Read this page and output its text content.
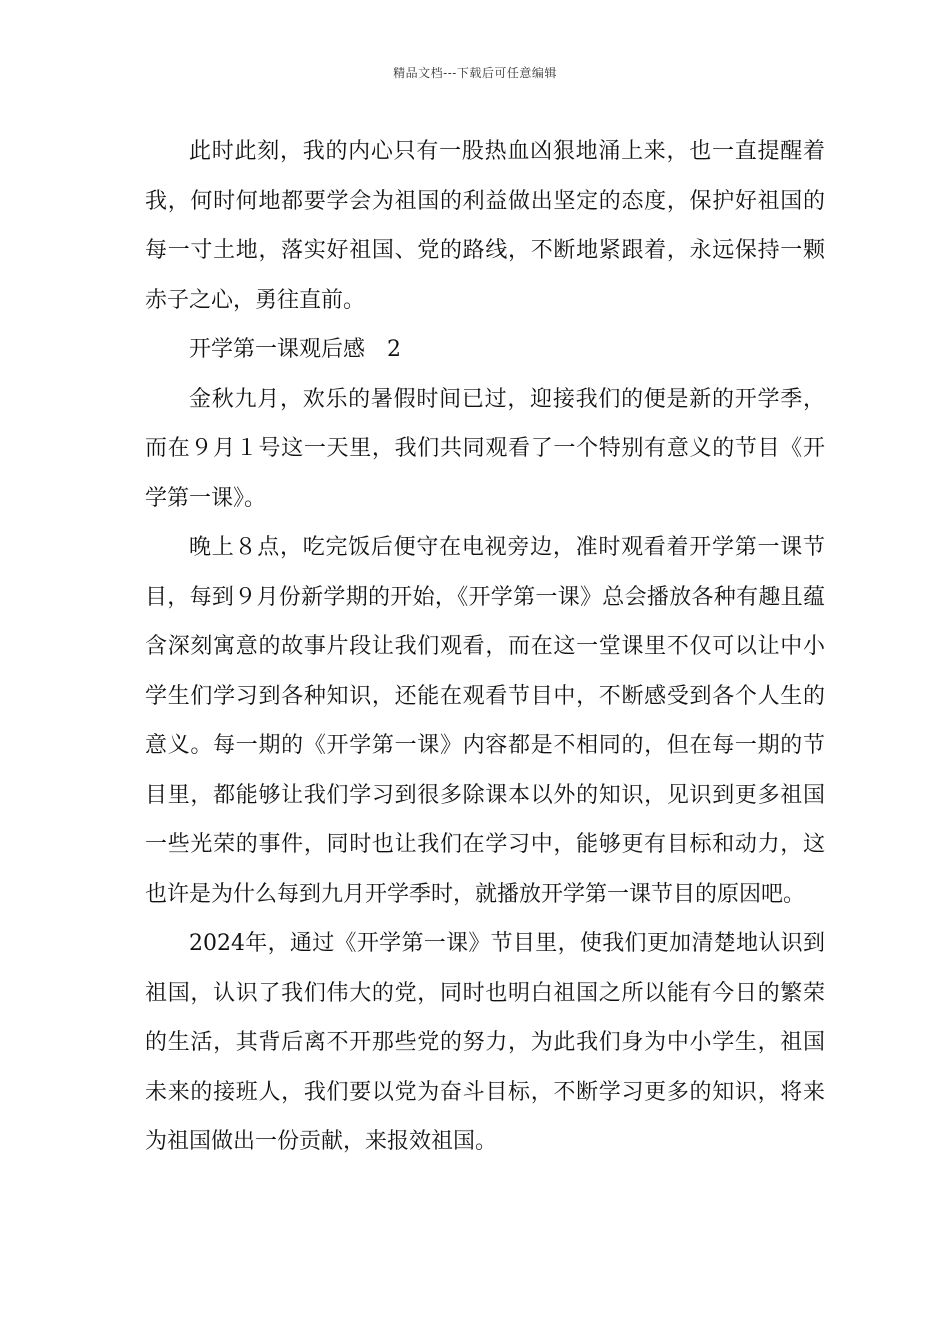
精品文档---下载后可任意编辑

此时此刻，我的内心只有一股热血凶狠地涌上来，也一直提醒着我，何时何地都要学会为祖国的利益做出坚定的态度，保护好祖国的每一寸土地，落实好祖国、党的路线，不断地紧跟着，永远保持一颗赤子之心，勇往直前。

开学第一课观后感　2

金秋九月，欢乐的暑假时间已过，迎接我们的便是新的开学季，而在９月１号这一天里，我们共同观看了一个特别有意义的节目《开学第一课》。

晚上８点，吃完饭后便守在电视旁边，准时观看着开学第一课节目，每到９月份新学期的开始，《开学第一课》总会播放各种有趣且蕴含深刻寓意的故事片段让我们观看，而在这一堂课里不仅可以让中小学生们学习到各种知识，还能在观看节目中，不断感受到各个人生的意义。每一期的《开学第一课》内容都是不相同的，但在每一期的节目里，都能够让我们学习到很多除课本以外的知识，见识到更多祖国一些光荣的事件，同时也让我们在学习中，能够更有目标和动力，这也许是为什么每到九月开学季时，就播放开学第一课节目的原因吧。

2024年，通过《开学第一课》节目里，使我们更加清楚地认识到祖国，认识了我们伟大的党，同时也明白祖国之所以能有今日的繁荣的生活，其背后离不开那些党的努力，为此我们身为中小学生，祖国未来的接班人，我们要以党为奋斗目标，不断学习更多的知识，将来为祖国做出一份贡献，来报效祖国。
